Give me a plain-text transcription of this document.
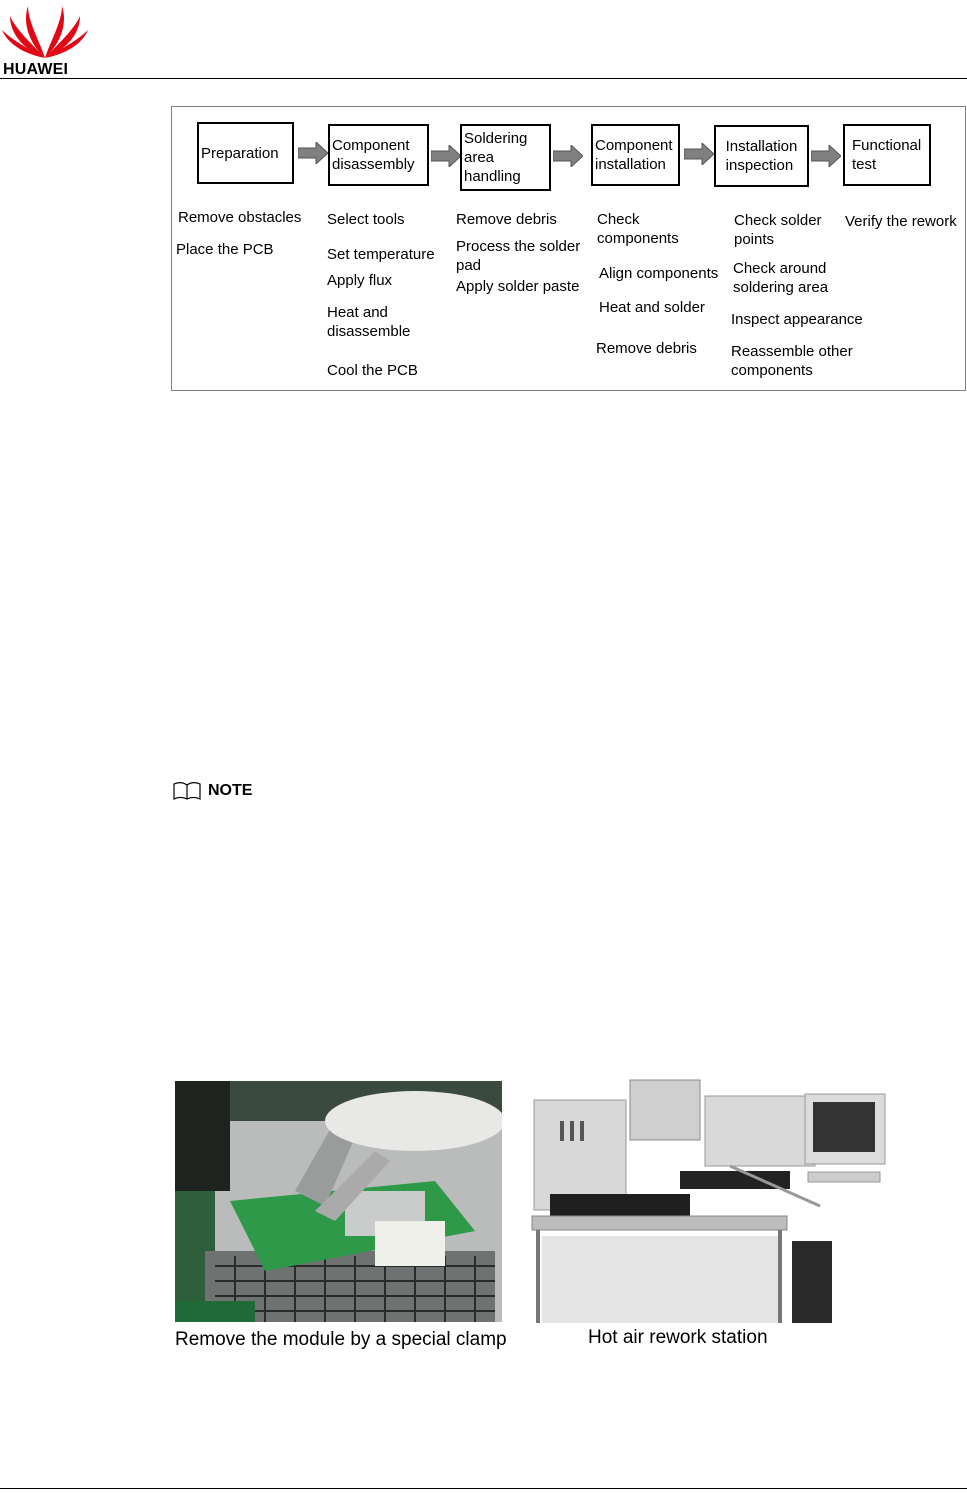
HUAWEI
Preparation	Component
disassembly
Soldering
area
handling
Component
installation
Installation
inspection
Functional
test
Remove obstacles
Place the PCB
Select tools
Set temperature
Apply flux
Heat and
disassemble
Cool the PCB
Remove debris
Process the solder
pad
Apply solder paste
Check
components
Align components
Heat and solder
Remove debris
Check solder
points
Check around
soldering area
Inspect appearance
Reassemble other
components
Verify the rework
NOTE
Remove the module by a special clamp	Hot air rework station
